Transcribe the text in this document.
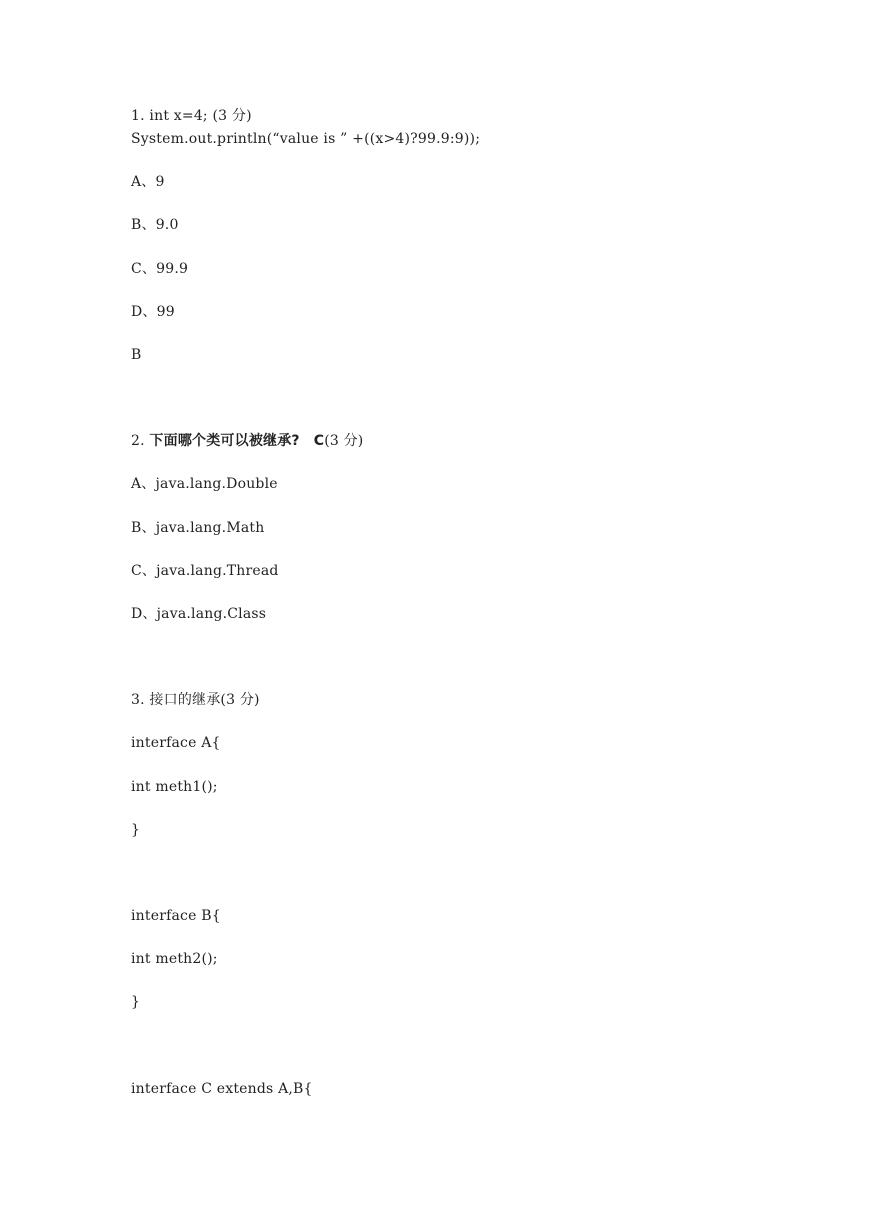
1. int x=4; (3 分)
System.out.println(“value is ” +((x>4)?99.9:9));
A、9
B、9.0
C、99.9
D、99
B
2. 下面哪个类可以被继承? C(3 分)
A、java.lang.Double
B、java.lang.Math
C、java.lang.Thread
D、java.lang.Class
3. 接口的继承(3 分)
interface A{
int meth1();
}
interface B{
int meth2();
}
interface C extends A,B{
